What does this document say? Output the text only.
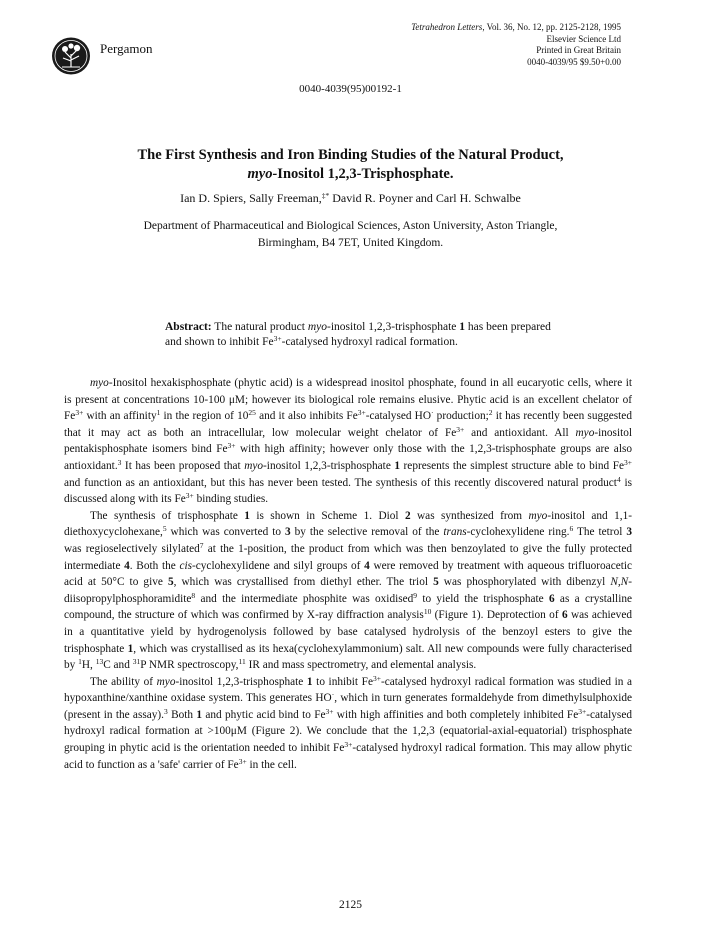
Pergamon
Tetrahedron Letters, Vol. 36, No. 12, pp. 2125-2128, 1995
Elsevier Science Ltd
Printed in Great Britain
0040-4039/95 $9.50+0.00
0040-4039(95)00192-1
The First Synthesis and Iron Binding Studies of the Natural Product,
myo-Inositol 1,2,3-Trisphosphate.
Ian D. Spiers, Sally Freeman,‡* David R. Poyner and Carl H. Schwalbe
Department of Pharmaceutical and Biological Sciences, Aston University, Aston Triangle,
Birmingham, B4 7ET, United Kingdom.
Abstract: The natural product myo-inositol 1,2,3-trisphosphate 1 has been prepared and shown to inhibit $Fe^{3+}$-catalysed hydroxyl radical formation.

myo-Inositol hexakisphosphate (phytic acid) is a widespread inositol phosphate, found in all eucaryotic cells, where it is present at concentrations 10-100 μM; however its biological role remains elusive. Phytic acid is an excellent chelator of $Fe^{3+}$ with an affinity$^1$ in the region of $10^{25}$ and it also inhibits $Fe^{3+}$-catalysed HO· production;$^2$ it has recently been suggested that it may act as both an intracellular, low molecular weight chelator of $Fe^{3+}$ and antioxidant. All myo-inositol pentakisphosphate isomers bind $Fe^{3+}$ with high affinity; however only those with the 1,2,3-trisphosphate groups are also antioxidant.$^3$ It has been proposed that myo-inositol 1,2,3-trisphosphate 1 represents the simplest structure able to bind $Fe^{3+}$ and function as an antioxidant, but this has never been tested. The synthesis of this recently discovered natural product$^4$ is discussed along with its $Fe^{3+}$ binding studies.

The synthesis of trisphosphate 1 is shown in Scheme 1. Diol 2 was synthesized from myo-inositol and 1,1-diethoxycyclohexane,$^5$ which was converted to 3 by the selective removal of the trans-cyclohexylidene ring.$^6$ The tetrol 3 was regioselectively silylated$^7$ at the 1-position, the product from which was then benzoylated to give the fully protected intermediate 4. Both the cis-cyclohexylidene and silyl groups of 4 were removed by treatment with aqueous trifluoroacetic acid at 50°C to give 5, which was crystallised from diethyl ether. The triol 5 was phosphorylated with dibenzyl N,N-diisopropylphosphoramidite$^8$ and the intermediate phosphite was oxidised$^9$ to yield the trisphosphate 6 as a crystalline compound, the structure of which was confirmed by X-ray diffraction analysis$^{10}$ (Figure 1). Deprotection of 6 was achieved in a quantitative yield by hydrogenolysis followed by base catalysed hydrolysis of the benzoyl esters to give the trisphosphate 1, which was crystallised as its hexa(cyclohexylammonium) salt. All new compounds were fully characterised by $^1$H, $^{13}$C and $^{31}$P NMR spectroscopy,$^{11}$ IR and mass spectrometry, and elemental analysis.

The ability of myo-inositol 1,2,3-trisphosphate 1 to inhibit $Fe^{3+}$-catalysed hydroxyl radical formation was studied in a hypoxanthine/xanthine oxidase system. This generates HO·, which in turn generates formaldehyde from dimethylsulphoxide (present in the assay).$^3$ Both 1 and phytic acid bind to $Fe^{3+}$ with high affinities and both completely inhibited $Fe^{3+}$-catalysed hydroxyl radical formation at >100μM (Figure 2). We conclude that the 1,2,3 (equatorial-axial-equatorial) trisphosphate grouping in phytic acid is the orientation needed to inhibit $Fe^{3+}$-catalysed hydroxyl radical formation. This may allow phytic acid to function as a 'safe' carrier of $Fe^{3+}$ in the cell.

2125
